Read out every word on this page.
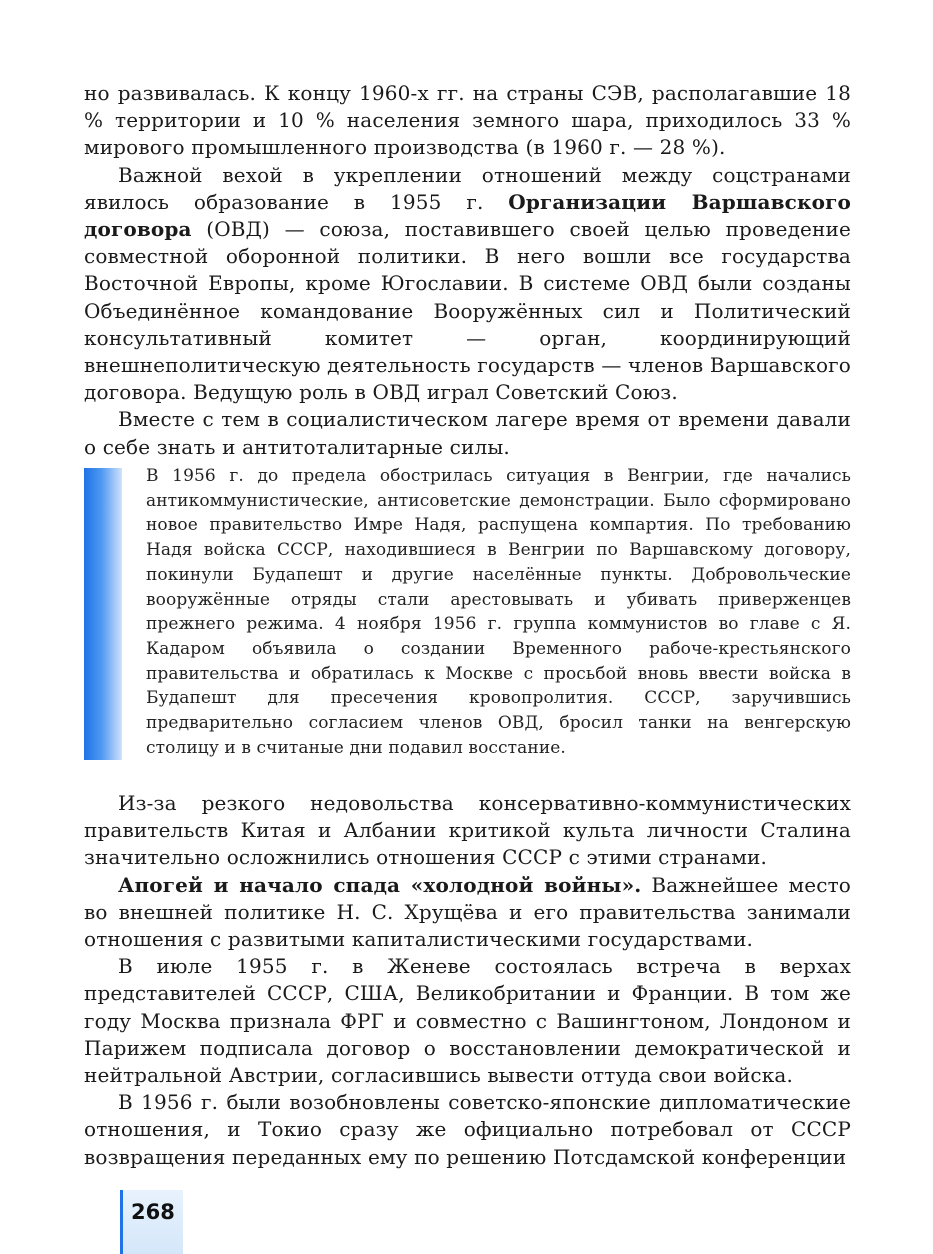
но развивалась. К концу 1960-х гг. на страны СЭВ, располагавшие 18 % территории и 10 % населения земного шара, приходилось 33 % мирового промышленного производства (в 1960 г. — 28 %).

Важной вехой в укреплении отношений между соцстранами явилось образование в 1955 г. Организации Варшавского договора (ОВД) — союза, поставившего своей целью проведение совместной оборонной политики. В него вошли все государства Восточной Европы, кроме Югославии. В системе ОВД были созданы Объединённое командование Вооружённых сил и Политический консультативный комитет — орган, координирующий внешнеполитическую деятельность государств — членов Варшавского договора. Ведущую роль в ОВД играл Советский Союз.

Вместе с тем в социалистическом лагере время от времени давали о себе знать и антитоталитарные силы.

В 1956 г. до предела обострилась ситуация в Венгрии, где начались антикоммунистические, антисоветские демонстрации. Было сформировано новое правительство Имре Надя, распущена компартия. По требованию Надя войска СССР, находившиеся в Венгрии по Варшавскому договору, покинули Будапешт и другие населённые пункты. Добровольческие вооружённые отряды стали арестовывать и убивать приверженцев прежнего режима. 4 ноября 1956 г. группа коммунистов во главе с Я. Кадаром объявила о создании Временного рабоче-крестьянского правительства и обратилась к Москве с просьбой вновь ввести войска в Будапешт для пресечения кровопролития. СССР, заручившись предварительно согласием членов ОВД, бросил танки на венгерскую столицу и в считаные дни подавил восстание.

Из-за резкого недовольства консервативно-коммунистических правительств Китая и Албании критикой культа личности Сталина значительно осложнились отношения СССР с этими странами.

Апогей и начало спада «холодной войны». Важнейшее место во внешней политике Н. С. Хрущёва и его правительства занимали отношения с развитыми капиталистическими государствами.

В июле 1955 г. в Женеве состоялась встреча в верхах представителей СССР, США, Великобритании и Франции. В том же году Москва признала ФРГ и совместно с Вашингтоном, Лондоном и Парижем подписала договор о восстановлении демократической и нейтральной Австрии, согласившись вывести оттуда свои войска.

В 1956 г. были возобновлены советско-японские дипломатические отношения, и Токио сразу же официально потребовал от СССР возвращения переданных ему по решению Потсдамской конференции

268
